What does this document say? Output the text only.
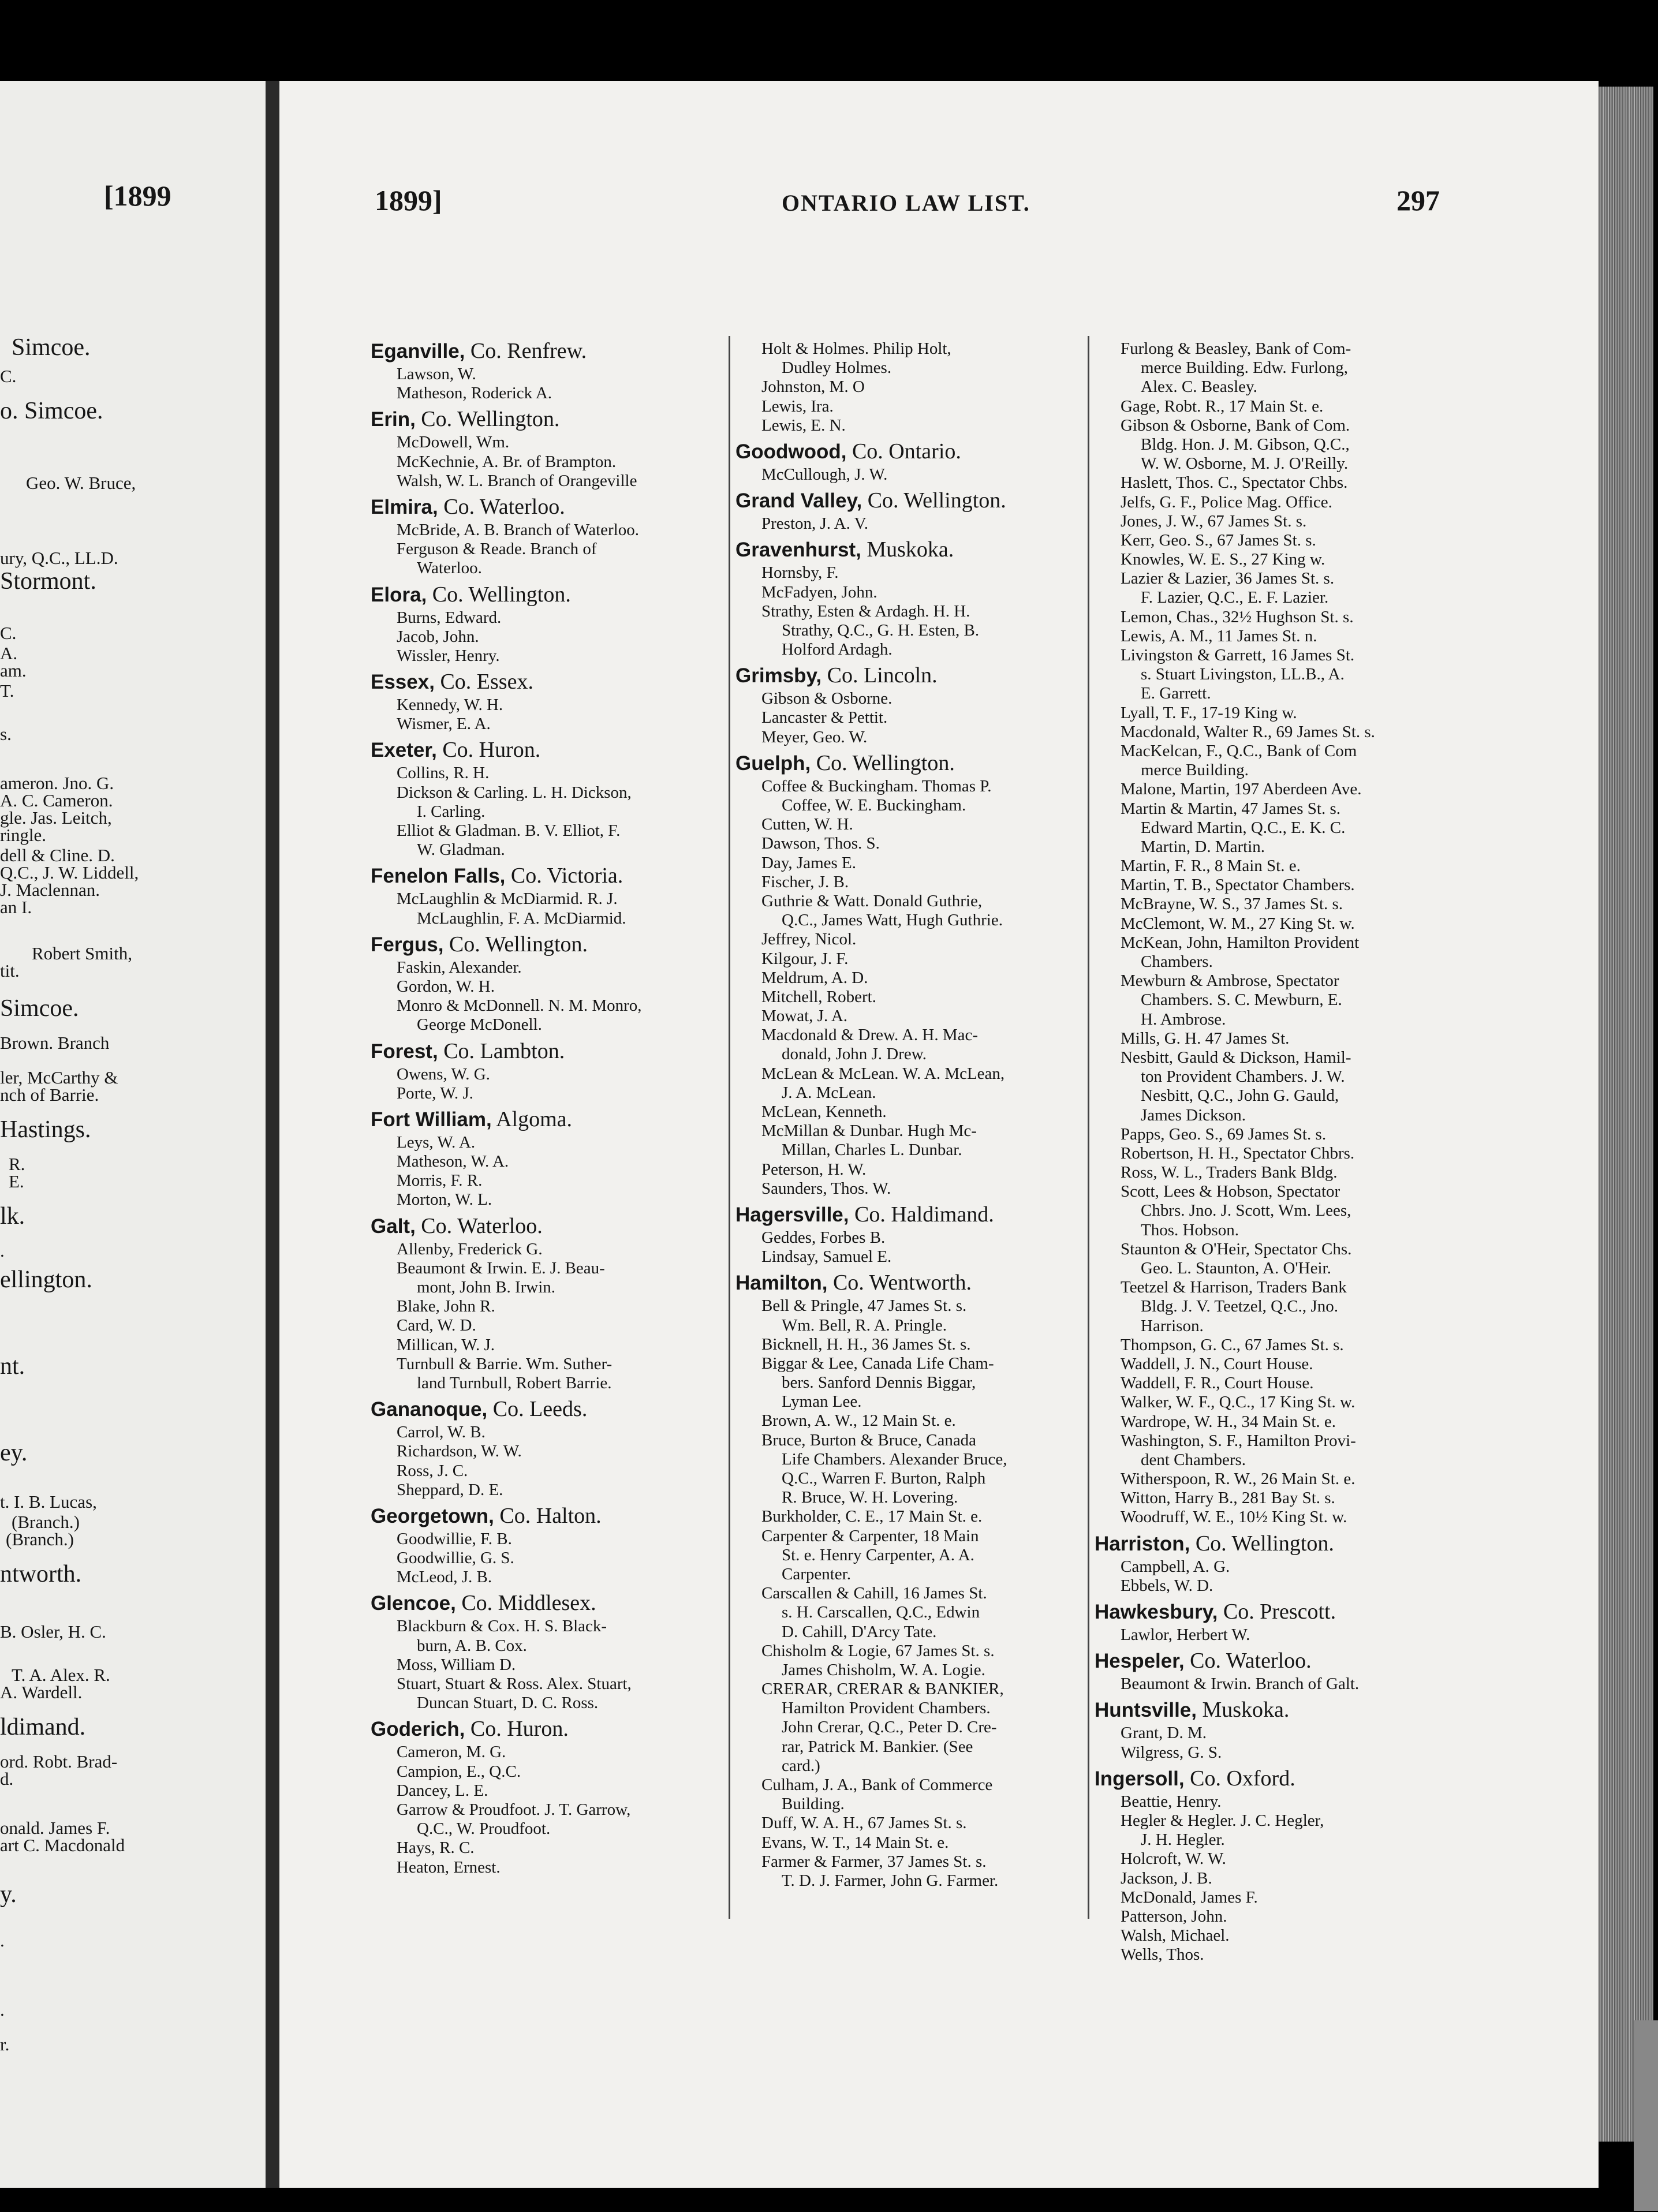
[1899
Simcoe.
C.
o. Simcoe.
Geo. W. Bruce,
ury, Q.C., LL.D.
Stormont.
C.
A.
am.
T.
s.
ameron. Jno. G.
A. C. Cameron.
gle. Jas. Leitch,
ringle.
dell & Cline. D.
Q.C., J. W. Liddell,
J. Maclennan.
an I.
Robert Smith,
tit.
Simcoe.
Brown. Branch
ler, McCarthy &
nch of Barrie.
Hastings.
R.
E.
lk.
.
ellington.
nt.
ey.
t. I. B. Lucas,
(Branch.)
(Branch.)
ntworth.
B. Osler, H. C.
T. A. Alex. R.
A. Wardell.
ldimand.
ord. Robt. Brad-
d.
onald. James F.
art C. Macdonald
y.
.
.
r.
1899]	ONTARIO LAW LIST.	297
Eganville, Co. Renfrew.
Lawson, W.
Matheson, Roderick A.
Erin, Co. Wellington.
McDowell, Wm.
McKechnie, A. Br. of Brampton.
Walsh, W. L. Branch of Orangeville
Elmira, Co. Waterloo.
McBride, A. B. Branch of Waterloo.
Ferguson & Reade. Branch of
Waterloo.
Elora, Co. Wellington.
Burns, Edward.
Jacob, John.
Wissler, Henry.
Essex, Co. Essex.
Kennedy, W. H.
Wismer, E. A.
Exeter, Co. Huron.
Collins, R. H.
Dickson & Carling. L. H. Dickson,
I. Carling.
Elliot & Gladman. B. V. Elliot, F.
W. Gladman.
Fenelon Falls, Co. Victoria.
McLaughlin & McDiarmid. R. J.
McLaughlin, F. A. McDiarmid.
Fergus, Co. Wellington.
Faskin, Alexander.
Gordon, W. H.
Monro & McDonnell. N. M. Monro,
George McDonell.
Forest, Co. Lambton.
Owens, W. G.
Porte, W. J.
Fort William, Algoma.
Leys, W. A.
Matheson, W. A.
Morris, F. R.
Morton, W. L.
Galt, Co. Waterloo.
Allenby, Frederick G.
Beaumont & Irwin. E. J. Beau-
mont, John B. Irwin.
Blake, John R.
Card, W. D.
Millican, W. J.
Turnbull & Barrie. Wm. Suther-
land Turnbull, Robert Barrie.
Gananoque, Co. Leeds.
Carrol, W. B.
Richardson, W. W.
Ross, J. C.
Sheppard, D. E.
Georgetown, Co. Halton.
Goodwillie, F. B.
Goodwillie, G. S.
McLeod, J. B.
Glencoe, Co. Middlesex.
Blackburn & Cox. H. S. Black-
burn, A. B. Cox.
Moss, William D.
Stuart, Stuart & Ross. Alex. Stuart,
Duncan Stuart, D. C. Ross.
Goderich, Co. Huron.
Cameron, M. G.
Campion, E., Q.C.
Dancey, L. E.
Garrow & Proudfoot. J. T. Garrow,
Q.C., W. Proudfoot.
Hays, R. C.
Heaton, Ernest.
Holt & Holmes. Philip Holt,
Dudley Holmes.
Johnston, M. O
Lewis, Ira.
Lewis, E. N.
Goodwood, Co. Ontario.
McCullough, J. W.
Grand Valley, Co. Wellington.
Preston, J. A. V.
Gravenhurst, Muskoka.
Hornsby, F.
McFadyen, John.
Strathy, Esten & Ardagh. H. H.
Strathy, Q.C., G. H. Esten, B.
Holford Ardagh.
Grimsby, Co. Lincoln.
Gibson & Osborne.
Lancaster & Pettit.
Meyer, Geo. W.
Guelph, Co. Wellington.
Coffee & Buckingham. Thomas P.
Coffee, W. E. Buckingham.
Cutten, W. H.
Dawson, Thos. S.
Day, James E.
Fischer, J. B.
Guthrie & Watt. Donald Guthrie,
Q.C., James Watt, Hugh Guthrie.
Jeffrey, Nicol.
Kilgour, J. F.
Meldrum, A. D.
Mitchell, Robert.
Mowat, J. A.
Macdonald & Drew. A. H. Mac-
donald, John J. Drew.
McLean & McLean. W. A. McLean,
J. A. McLean.
McLean, Kenneth.
McMillan & Dunbar. Hugh Mc-
Millan, Charles L. Dunbar.
Peterson, H. W.
Saunders, Thos. W.
Hagersville, Co. Haldimand.
Geddes, Forbes B.
Lindsay, Samuel E.
Hamilton, Co. Wentworth.
Bell & Pringle, 47 James St. s.
Wm. Bell, R. A. Pringle.
Bicknell, H. H., 36 James St. s.
Biggar & Lee, Canada Life Cham-
bers. Sanford Dennis Biggar,
Lyman Lee.
Brown, A. W., 12 Main St. e.
Bruce, Burton & Bruce, Canada
Life Chambers. Alexander Bruce,
Q.C., Warren F. Burton, Ralph
R. Bruce, W. H. Lovering.
Burkholder, C. E., 17 Main St. e.
Carpenter & Carpenter, 18 Main
St. e. Henry Carpenter, A. A.
Carpenter.
Carscallen & Cahill, 16 James St.
s. H. Carscallen, Q.C., Edwin
D. Cahill, D'Arcy Tate.
Chisholm & Logie, 67 James St. s.
James Chisholm, W. A. Logie.
CRERAR, CRERAR & BANKIER,
Hamilton Provident Chambers.
John Crerar, Q.C., Peter D. Cre-
rar, Patrick M. Bankier. (See
card.)
Culham, J. A., Bank of Commerce
Building.
Duff, W. A. H., 67 James St. s.
Evans, W. T., 14 Main St. e.
Farmer & Farmer, 37 James St. s.
T. D. J. Farmer, John G. Farmer.
Furlong & Beasley, Bank of Com-
merce Building. Edw. Furlong,
Alex. C. Beasley.
Gage, Robt. R., 17 Main St. e.
Gibson & Osborne, Bank of Com.
Bldg. Hon. J. M. Gibson, Q.C.,
W. W. Osborne, M. J. O'Reilly.
Haslett, Thos. C., Spectator Chbs.
Jelfs, G. F., Police Mag. Office.
Jones, J. W., 67 James St. s.
Kerr, Geo. S., 67 James St. s.
Knowles, W. E. S., 27 King w.
Lazier & Lazier, 36 James St. s.
F. Lazier, Q.C., E. F. Lazier.
Lemon, Chas., 32½ Hughson St. s.
Lewis, A. M., 11 James St. n.
Livingston & Garrett, 16 James St.
s. Stuart Livingston, LL.B., A.
E. Garrett.
Lyall, T. F., 17-19 King w.
Macdonald, Walter R., 69 James St. s.
MacKelcan, F., Q.C., Bank of Com
merce Building.
Malone, Martin, 197 Aberdeen Ave.
Martin & Martin, 47 James St. s.
Edward Martin, Q.C., E. K. C.
Martin, D. Martin.
Martin, F. R., 8 Main St. e.
Martin, T. B., Spectator Chambers.
McBrayne, W. S., 37 James St. s.
McClemont, W. M., 27 King St. w.
McKean, John, Hamilton Provident
Chambers.
Mewburn & Ambrose, Spectator
Chambers. S. C. Mewburn, E.
H. Ambrose.
Mills, G. H. 47 James St.
Nesbitt, Gauld & Dickson, Hamil-
ton Provident Chambers. J. W.
Nesbitt, Q.C., John G. Gauld,
James Dickson.
Papps, Geo. S., 69 James St. s.
Robertson, H. H., Spectator Chbrs.
Ross, W. L., Traders Bank Bldg.
Scott, Lees & Hobson, Spectator
Chbrs. Jno. J. Scott, Wm. Lees,
Thos. Hobson.
Staunton & O'Heir, Spectator Chs.
Geo. L. Staunton, A. O'Heir.
Teetzel & Harrison, Traders Bank
Bldg. J. V. Teetzel, Q.C., Jno.
Harrison.
Thompson, G. C., 67 James St. s.
Waddell, J. N., Court House.
Waddell, F. R., Court House.
Walker, W. F., Q.C., 17 King St. w.
Wardrope, W. H., 34 Main St. e.
Washington, S. F., Hamilton Provi-
dent Chambers.
Witherspoon, R. W., 26 Main St. e.
Witton, Harry B., 281 Bay St. s.
Woodruff, W. E., 10½ King St. w.
Harriston, Co. Wellington.
Campbell, A. G.
Ebbels, W. D.
Hawkesbury, Co. Prescott.
Lawlor, Herbert W.
Hespeler, Co. Waterloo.
Beaumont & Irwin. Branch of Galt.
Huntsville, Muskoka.
Grant, D. M.
Wilgress, G. S.
Ingersoll, Co. Oxford.
Beattie, Henry.
Hegler & Hegler. J. C. Hegler,
J. H. Hegler.
Holcroft, W. W.
Jackson, J. B.
McDonald, James F.
Patterson, John.
Walsh, Michael.
Wells, Thos.
